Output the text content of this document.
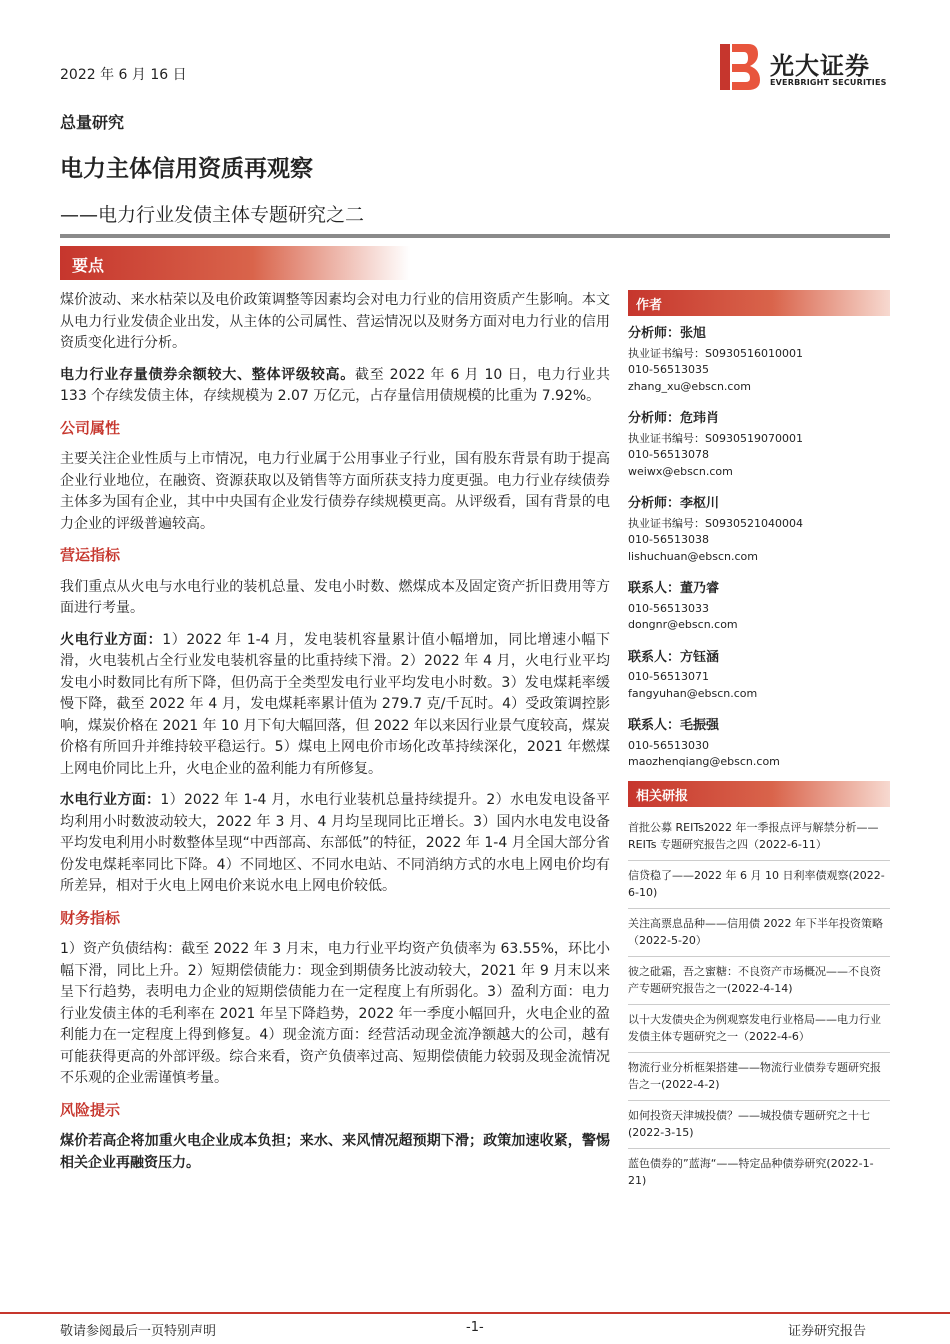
2022 年 6 月 16 日	光大证券
EVERBRIGHT SECURITIES
总量研究
电力主体信用资质再观察
——电力行业发债主体专题研究之二
要点

煤价波动、来水枯荣以及电价政策调整等因素均会对电力行业的信用资质产生影响。本文从电力行业发债企业出发，从主体的公司属性、营运情况以及财务方面对电力行业的信用资质变化进行分析。

电力行业存量债券余额较大、整体评级较高。截至 2022 年 6 月 10 日，电力行业共 133 个存续发债主体，存续规模为 2.07 万亿元，占存量信用债规模的比重为 7.92%。

公司属性

主要关注企业性质与上市情况，电力行业属于公用事业子行业，国有股东背景有助于提高企业行业地位，在融资、资源获取以及销售等方面所获支持力度更强。电力行业存续债券主体多为国有企业，其中中央国有企业发行债券存续规模更高。从评级看，国有背景的电力企业的评级普遍较高。

营运指标

我们重点从火电与水电行业的装机总量、发电小时数、燃煤成本及固定资产折旧费用等方面进行考量。

火电行业方面：1）2022 年 1-4 月，发电装机容量累计值小幅增加，同比增速小幅下滑，火电装机占全行业发电装机容量的比重持续下滑。2）2022 年 4 月，火电行业平均发电小时数同比有所下降，但仍高于全类型发电行业平均发电小时数。3）发电煤耗率缓慢下降，截至 2022 年 4 月，发电煤耗率累计值为 279.7 克/千瓦时。4）受政策调控影响，煤炭价格在 2021 年 10 月下旬大幅回落，但 2022 年以来因行业景气度较高，煤炭价格有所回升并维持较平稳运行。5）煤电上网电价市场化改革持续深化，2021 年燃煤上网电价同比上升，火电企业的盈利能力有所修复。

水电行业方面：1）2022 年 1-4 月，水电行业装机总量持续提升。2）水电发电设备平均利用小时数波动较大，2022 年 3 月、4 月均呈现同比正增长。3）国内水电发电设备平均发电利用小时数整体呈现“中西部高、东部低”的特征，2022 年 1-4 月全国大部分省份发电煤耗率同比下降。4）不同地区、不同水电站、不同消纳方式的水电上网电价均有所差异，相对于火电上网电价来说水电上网电价较低。

财务指标

1）资产负债结构：截至 2022 年 3 月末，电力行业平均资产负债率为 63.55%，环比小幅下滑，同比上升。2）短期偿债能力：现金到期债务比波动较大，2021 年 9 月末以来呈下行趋势，表明电力企业的短期偿债能力在一定程度上有所弱化。3）盈利方面：电力行业发债主体的毛利率在 2021 年呈下降趋势，2022 年一季度小幅回升，火电企业的盈利能力在一定程度上得到修复。4）现金流方面：经营活动现金流净额越大的公司，越有可能获得更高的外部评级。综合来看，资产负债率过高、短期偿债能力较弱及现金流情况不乐观的企业需谨慎考量。

风险提示

煤价若高企将加重火电企业成本负担；来水、来风情况超预期下滑；政策加速收紧，警惕相关企业再融资压力。

作者
分析师：张旭
执业证书编号：S0930516010001
010-56513035
zhang_xu@ebscn.com
分析师：危玮肖
执业证书编号：S0930519070001
010-56513078
weiwx@ebscn.com
分析师：李枢川
执业证书编号：S0930521040004
010-56513038
lishuchuan@ebscn.com
联系人：董乃睿
010-56513033
dongnr@ebscn.com
联系人：方钰涵
010-56513071
fangyuhan@ebscn.com
联系人：毛振强
010-56513030
maozhenqiang@ebscn.com
相关研报
首批公募 REITs2022 年一季报点评与解禁分析——REITs 专题研究报告之四（2022-6-11）
信贷稳了——2022 年 6 月 10 日利率债观察(2022-6-10)
关注高票息品种——信用债 2022 年下半年投资策略（2022-5-20）
彼之砒霜，吾之蜜糖：不良资产市场概况——不良资产专题研究报告之一(2022-4-14)
以十大发债央企为例观察发电行业格局——电力行业发债主体专题研究之一（2022-4-6）
物流行业分析框架搭建——物流行业债券专题研究报告之一(2022-4-2)
如何投资天津城投债？——城投债专题研究之十七(2022-3-15)
蓝色债券的”蓝海“——特定品种债券研究(2022-1-21)
敬请参阅最后一页特别声明	-1-	证券研究报告
